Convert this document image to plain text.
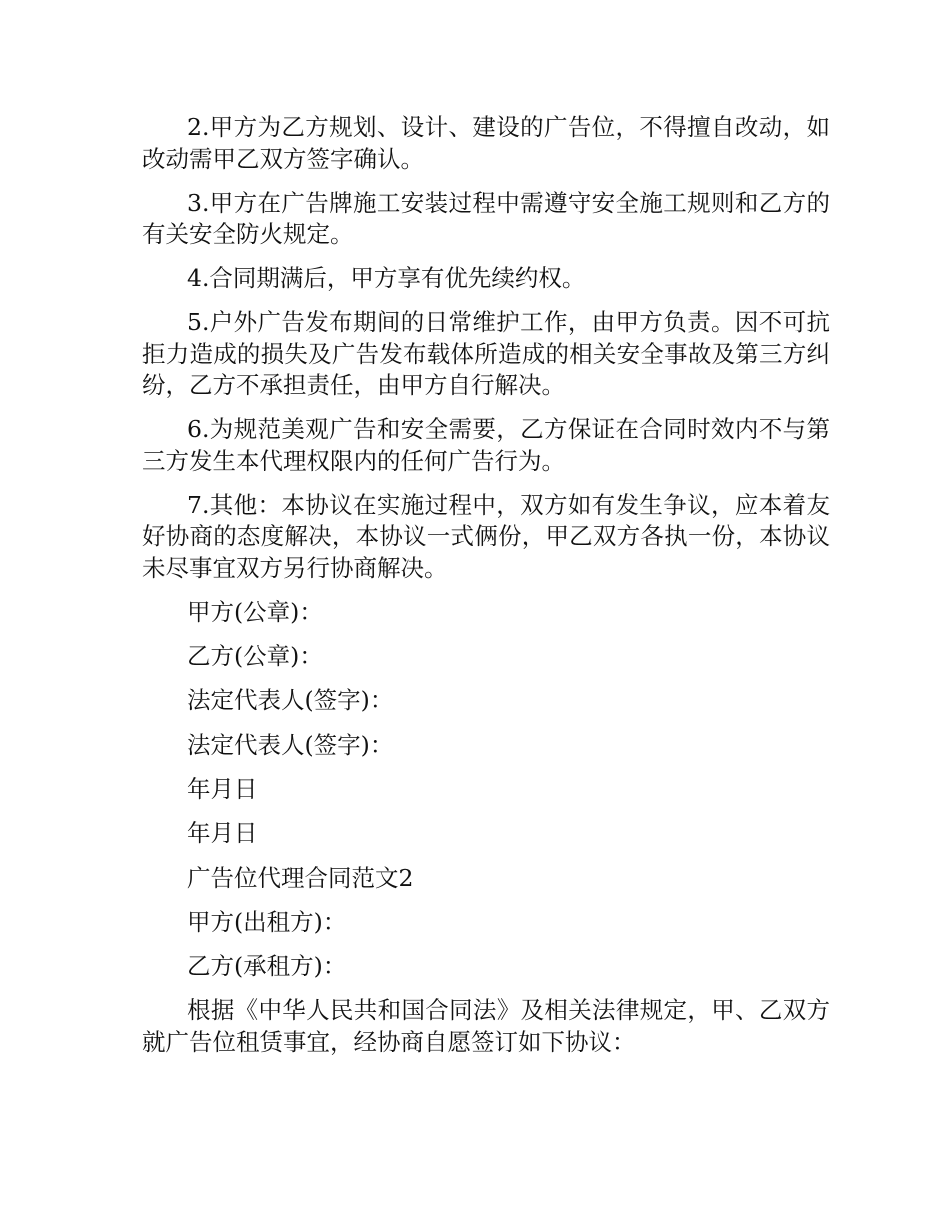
2.甲方为乙方规划、设计、建设的广告位，不得擅自改动，如改动需甲乙双方签字确认。

3.甲方在广告牌施工安装过程中需遵守安全施工规则和乙方的有关安全防火规定。

4.合同期满后，甲方享有优先续约权。

5.户外广告发布期间的日常维护工作，由甲方负责。因不可抗拒力造成的损失及广告发布载体所造成的相关安全事故及第三方纠纷，乙方不承担责任，由甲方自行解决。

6.为规范美观广告和安全需要，乙方保证在合同时效内不与第三方发生本代理权限内的任何广告行为。

7.其他：本协议在实施过程中，双方如有发生争议，应本着友好协商的态度解决，本协议一式俩份，甲乙双方各执一份，本协议未尽事宜双方另行协商解决。

甲方(公章)：

乙方(公章)：

法定代表人(签字)：

法定代表人(签字)：

年月日

年月日

广告位代理合同范文2

甲方(出租方)：

乙方(承租方)：

根据《中华人民共和国合同法》及相关法律规定，甲、乙双方就广告位租赁事宜，经协商自愿签订如下协议：
